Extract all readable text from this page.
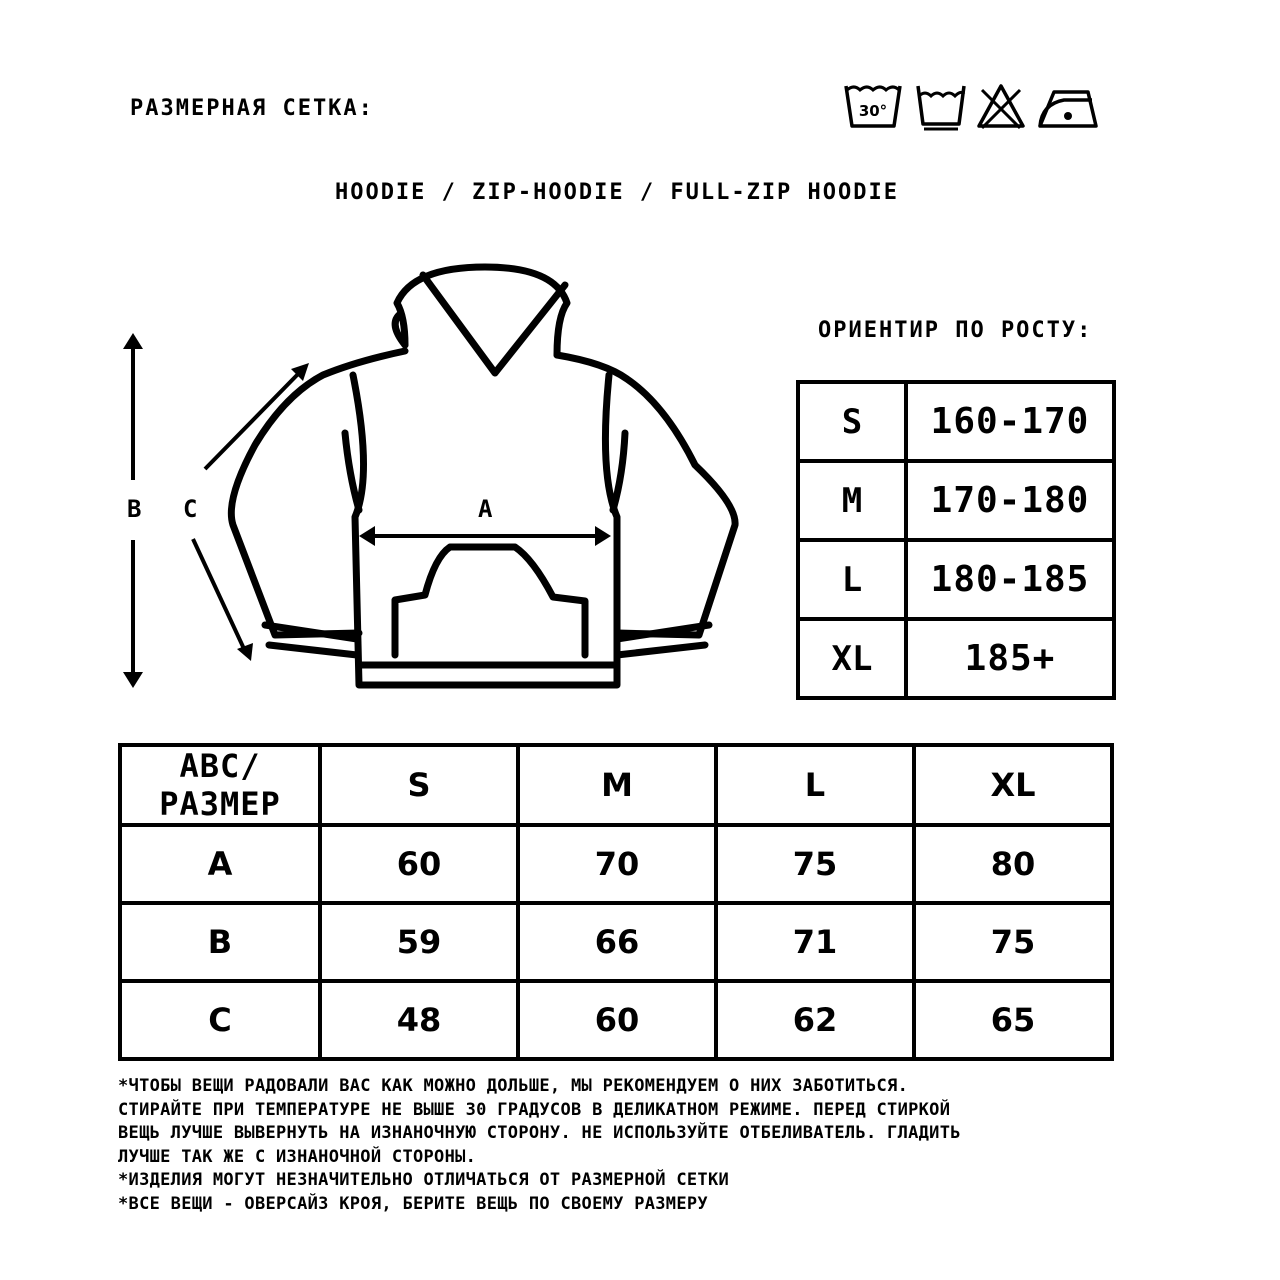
РАЗМЕРНАЯ СЕТКА:	30°
HOODIE / ZIP-HOODIE / FULL-ZIP HOODIE
B C	A
ОРИЕНТИР ПО РОСТУ:
S	160-170
M	170-180
L	180-185
XL	185+
ABC/РАЗМЕР	S	M	L	XL
A	60	70	75	80
B	59	66	71	75
C	48	60	62	65

*ЧТОБЫ ВЕЩИ РАДОВАЛИ ВАС КАК МОЖНО ДОЛЬШЕ, МЫ РЕКОМЕНДУЕМ О НИХ ЗАБОТИТЬСЯ.

СТИРАЙТЕ ПРИ ТЕМПЕРАТУРЕ НЕ ВЫШЕ 30 ГРАДУСОВ В ДЕЛИКАТНОМ РЕЖИМЕ. ПЕРЕД СТИРКОЙ

ВЕЩЬ ЛУЧШЕ ВЫВЕРНУТЬ НА ИЗНАНОЧНУЮ СТОРОНУ. НЕ ИСПОЛЬЗУЙТЕ ОТБЕЛИВАТЕЛЬ. ГЛАДИТЬ

ЛУЧШЕ ТАК ЖЕ С ИЗНАНОЧНОЙ СТОРОНЫ.

*ИЗДЕЛИЯ МОГУТ НЕЗНАЧИТЕЛЬНО ОТЛИЧАТЬСЯ ОТ РАЗМЕРНОЙ СЕТКИ

*ВСЕ ВЕЩИ - ОВЕРСАЙЗ КРОЯ, БЕРИТЕ ВЕЩЬ ПО СВОЕМУ РАЗМЕРУ
